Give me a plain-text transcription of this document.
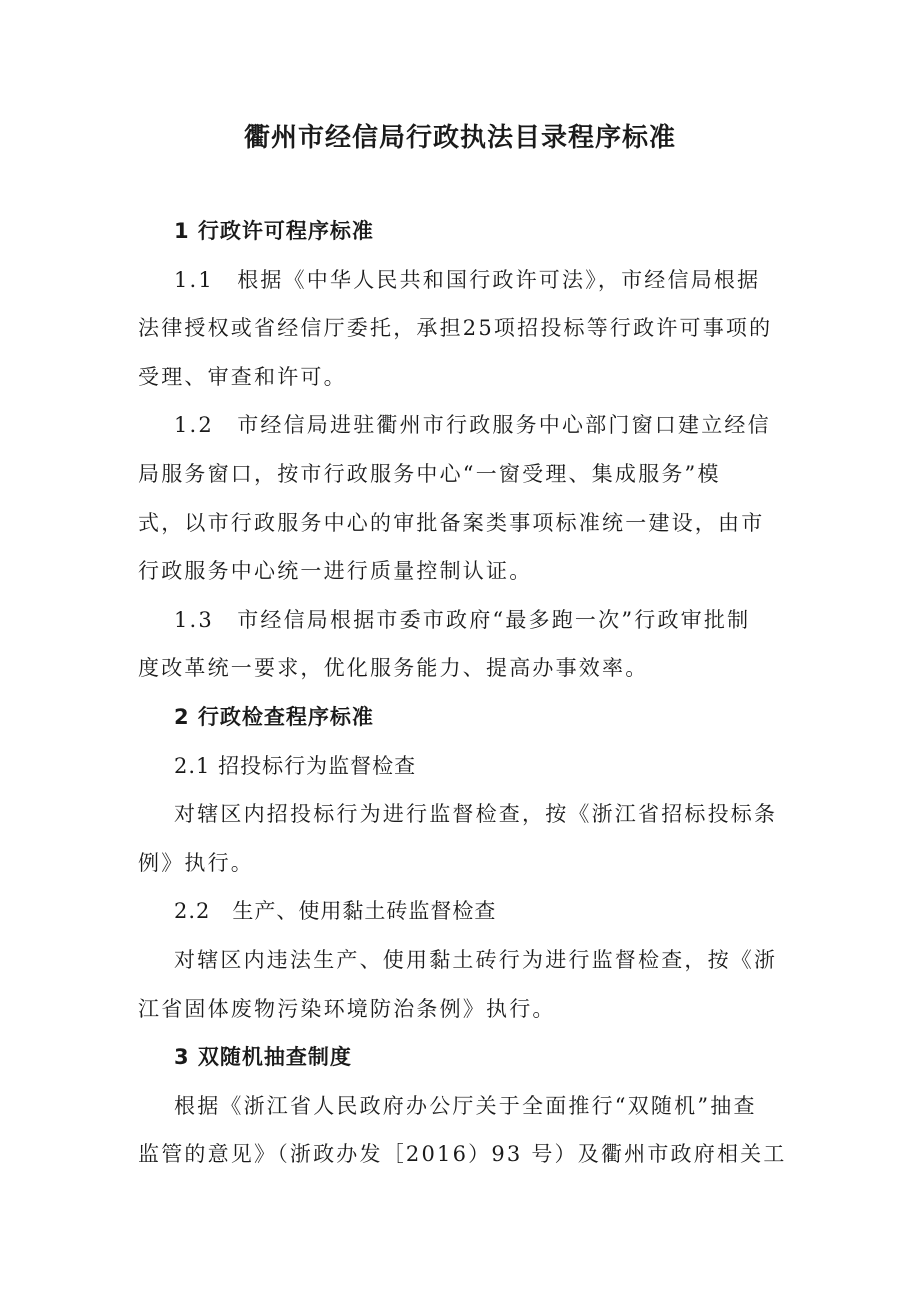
衢州市经信局行政执法目录程序标准
1 行政许可程序标准
1.1　根据《中华人民共和国行政许可法》，市经信局根据
法律授权或省经信厅委托，承担25项招投标等行政许可事项的
受理、审查和许可。
1.2　市经信局进驻衢州市行政服务中心部门窗口建立经信
局服务窗口，按市行政服务中心“一窗受理、集成服务”模
式，以市行政服务中心的审批备案类事项标准统一建设，由市
行政服务中心统一进行质量控制认证。
1.3　市经信局根据市委市政府“最多跑一次”行政审批制
度改革统一要求，优化服务能力、提高办事效率。
2 行政检查程序标准
2.1 招投标行为监督检查
对辖区内招投标行为进行监督检查，按《浙江省招标投标条
例》执行。
2.2　生产、使用黏土砖监督检查
对辖区内违法生产、使用黏土砖行为进行监督检查，按《浙
江省固体废物污染环境防治条例》执行。
3 双随机抽查制度
根据《浙江省人民政府办公厅关于全面推行“双随机”抽查
监管的意见》（浙政办发［2016）93 号）及衢州市政府相关工
